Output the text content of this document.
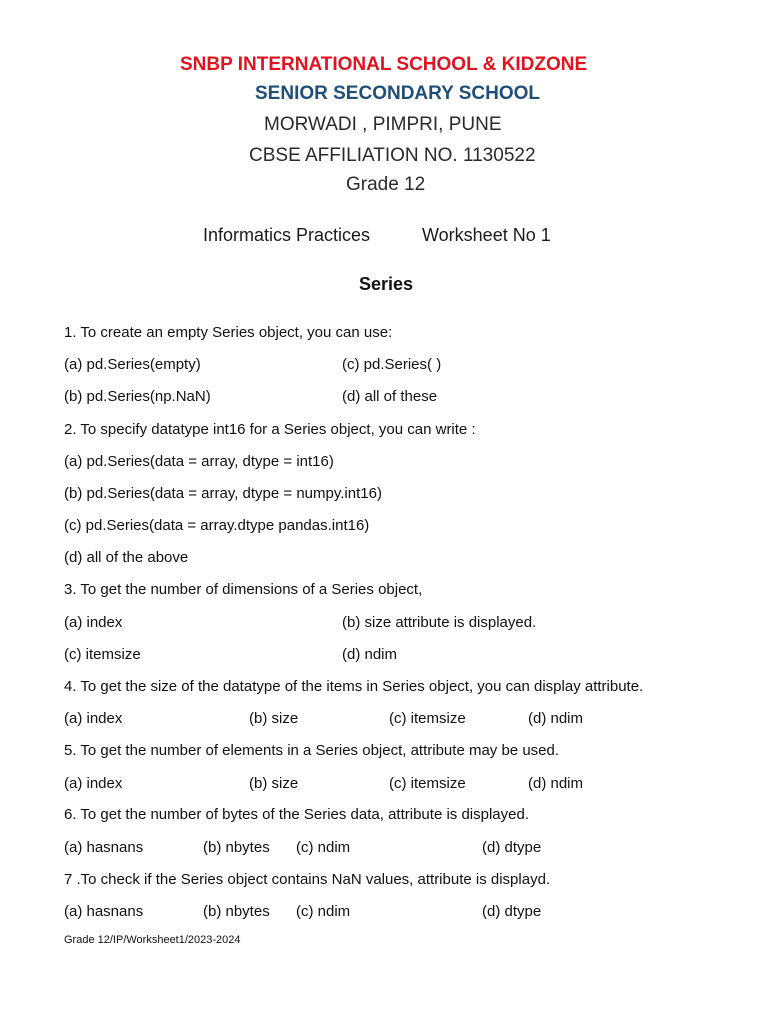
SNBP INTERNATIONAL SCHOOL & KIDZONE
SENIOR SECONDARY SCHOOL
MORWADI , PIMPRI, PUNE
CBSE AFFILIATION NO. 1130522
Grade 12
Informatics Practices	Worksheet No 1
Series
1. To create an empty Series object, you can use:
(a) pd.Series(empty)	(c) pd.Series( )
(b) pd.Series(np.NaN)	(d) all of these
2. To specify datatype int16 for a Series object, you can write :
(a) pd.Series(data = array, dtype = int16)
(b) pd.Series(data = array, dtype = numpy.int16)
(c) pd.Series(data = array.dtype pandas.int16)
(d) all of the above
3. To get the number of dimensions of a Series object,
(a) index	(b) size attribute is displayed.
(c) itemsize	(d) ndim
4. To get the size of the datatype of the items in Series object, you can display attribute.
(a) index	(b) size	(c) itemsize	(d) ndim
5. To get the number of elements in a Series object, attribute may be used.
(a) index	(b) size	(c) itemsize	(d) ndim
6. To get the number of bytes of the Series data, attribute is displayed.
(a) hasnans	(b) nbytes (c) ndim	(d) dtype
7 .To check if the Series object contains NaN values, attribute is displayd.
(a) hasnans	(b) nbytes (c) ndim	(d) dtype
Grade 12/IP/Worksheet1/2023-2024
